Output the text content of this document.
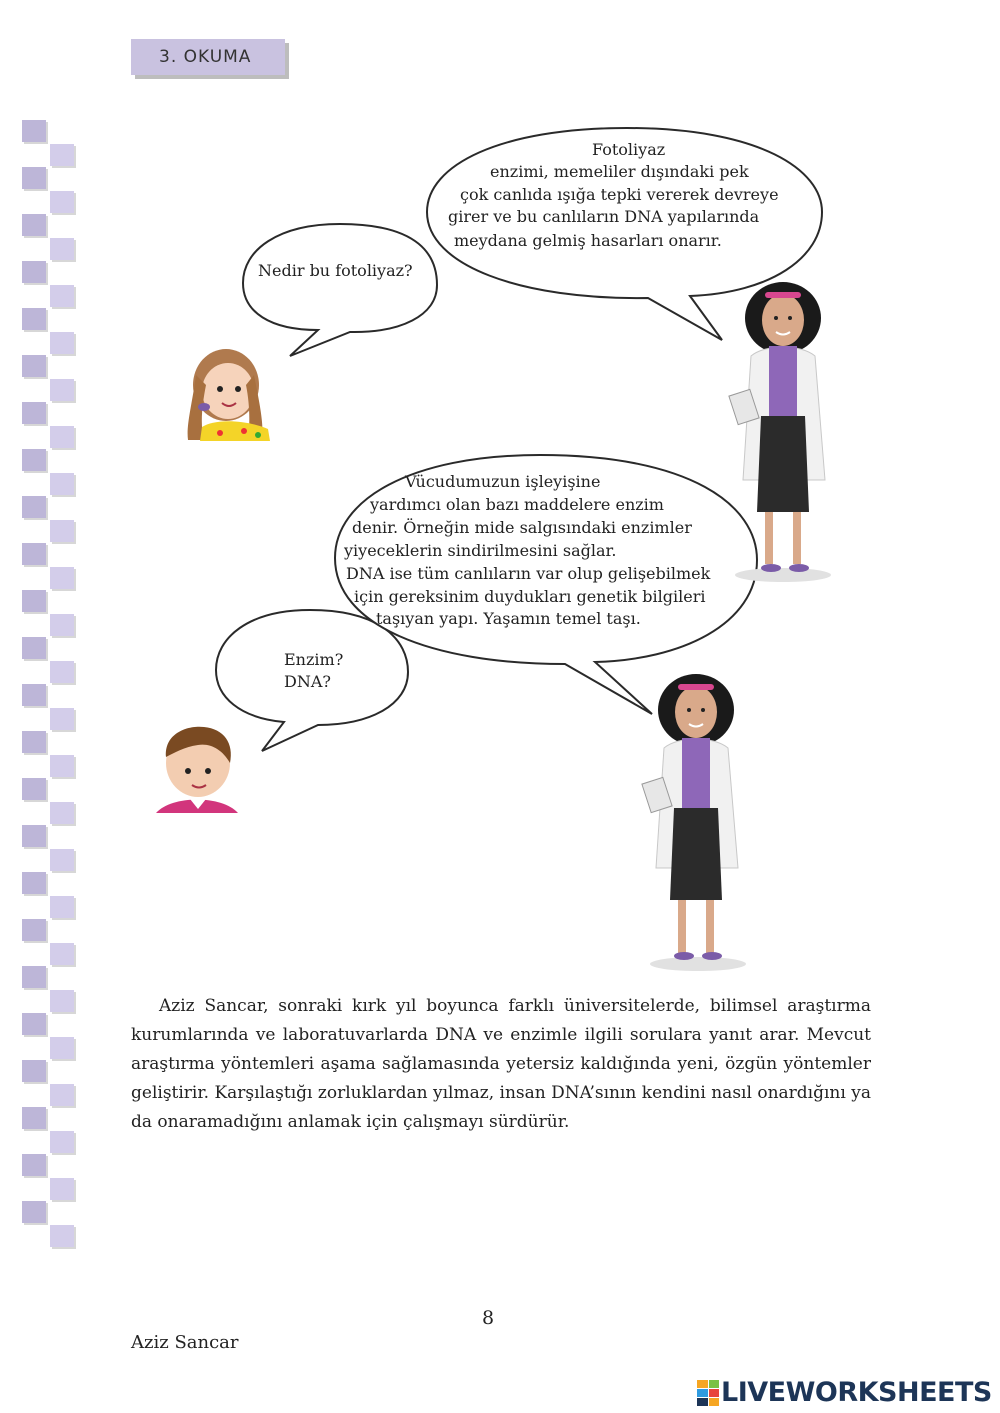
3. OKUMA
Nedir bu fotoliyaz?
Fotoliyaz
enzimi, memeliler dışındaki pek
çok canlıda ışığa tepki vererek devreye
girer ve bu canlıların DNA yapılarında
meydana gelmiş hasarları onarır.
Enzim?
DNA?
Vücudumuzun işleyişine
yardımcı olan bazı maddelere enzim
denir. Örneğin mide salgısındaki enzimler
yiyeceklerin sindirilmesini sağlar.
DNA ise tüm canlıların var olup gelişebilmek
için gereksinim duydukları genetik bilgileri
taşıyan yapı. Yaşamın temel taşı.
Aziz Sancar, sonraki kırk yıl boyunca farklı üniversitelerde, bilimsel araştırma kurumlarında ve laboratuvarlarda DNA ve enzimle ilgili sorulara yanıt arar. Mevcut araştırma yöntemleri aşama sağlamasında yetersiz kaldığında yeni, özgün yöntemler geliştirir. Karşılaştığı zorluklardan yılmaz, insan DNA’sının kendini nasıl onardığını ya da onaramadığını anlamak için çalışmayı sürdürür.
8
Aziz Sancar
LIVEWORKSHEETS
